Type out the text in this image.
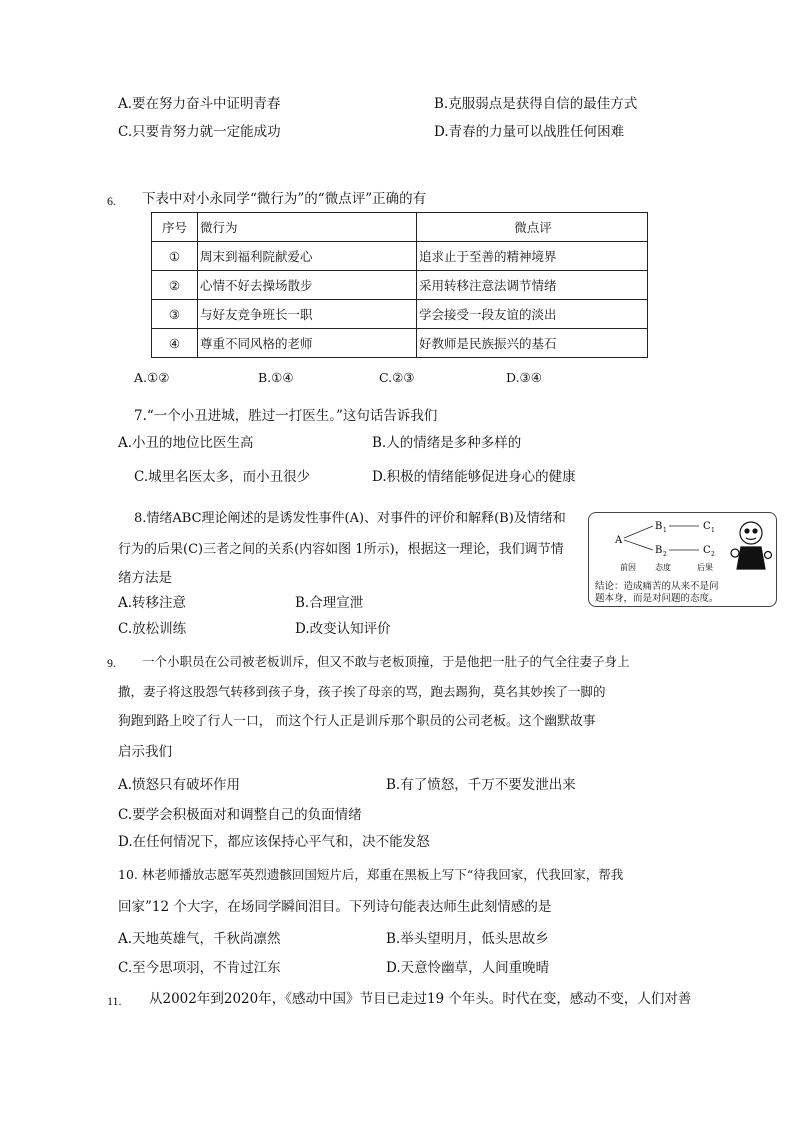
A.要在努力奋斗中证明青春	B.克服弱点是获得自信的最佳方式
C.只要肯努力就一定能成功	D.青春的力量可以战胜任何困难
6. 下表中对小永同学“微行为”的“微点评”正确的有
序号	微行为	微点评
①	周末到福利院献爱心	追求止于至善的精神境界
②	心情不好去操场散步	采用转移注意法调节情绪
③	与好友竞争班长一职	学会接受一段友谊的淡出
④	尊重不同风格的老师	好教师是民族振兴的基石
A.①②	B.①④	C.②③	D.③④
7.“一个小丑进城，胜过一打医生。”这句话告诉我们
A.小丑的地位比医生高	B.人的情绪是多种多样的
C.城里名医太多，而小丑很少	D.积极的情绪能够促进身心的健康
8.情绪ABC理论阐述的是诱发性事件(A)、对事件的评价和解释(B)及情绪和
行为的后果(C)三者之间的关系(内容如图 1所示)，根据这一理论，我们调节情
绪方法是
A.转移注意	B.合理宣泄
C.放松训练	D.改变认知评价
A
B 1
B 2
C 1
C 2
前因 态度	后果
结论：造成痛苦的从来不是问题本身，而是对问题的态度。
9. 一个小职员在公司被老板训斥，但又不敢与老板顶撞，于是他把一肚子的气全往妻子身上
撒，妻子将这股怨气转移到孩子身，孩子挨了母亲的骂，跑去踢狗，莫名其妙挨了一脚的
狗跑到路上咬了行人一口， 而这个行人正是训斥那个职员的公司老板。这个幽默故事
启示我们
A.愤怒只有破坏作用	B.有了愤怒，千万不要发泄出来
C.要学会积极面对和调整自己的负面情绪
D.在任何情况下，都应该保持心平气和，决不能发怒
10. 林老师播放志愿军英烈遗骸回国短片后，郑重在黑板上写下“待我回家，代我回家，帮我
回家”12 个大字，在场同学瞬间泪目。下列诗句能表达师生此刻情感的是
A.天地英雄气，千秋尚凛然	B.举头望明月，低头思故乡
C.至今思项羽，不肯过江东	D.天意怜幽草，人间重晚晴
11. 从2002年到2020年，《感动中国》节目已走过19 个年头。时代在变，感动不变，人们对善
